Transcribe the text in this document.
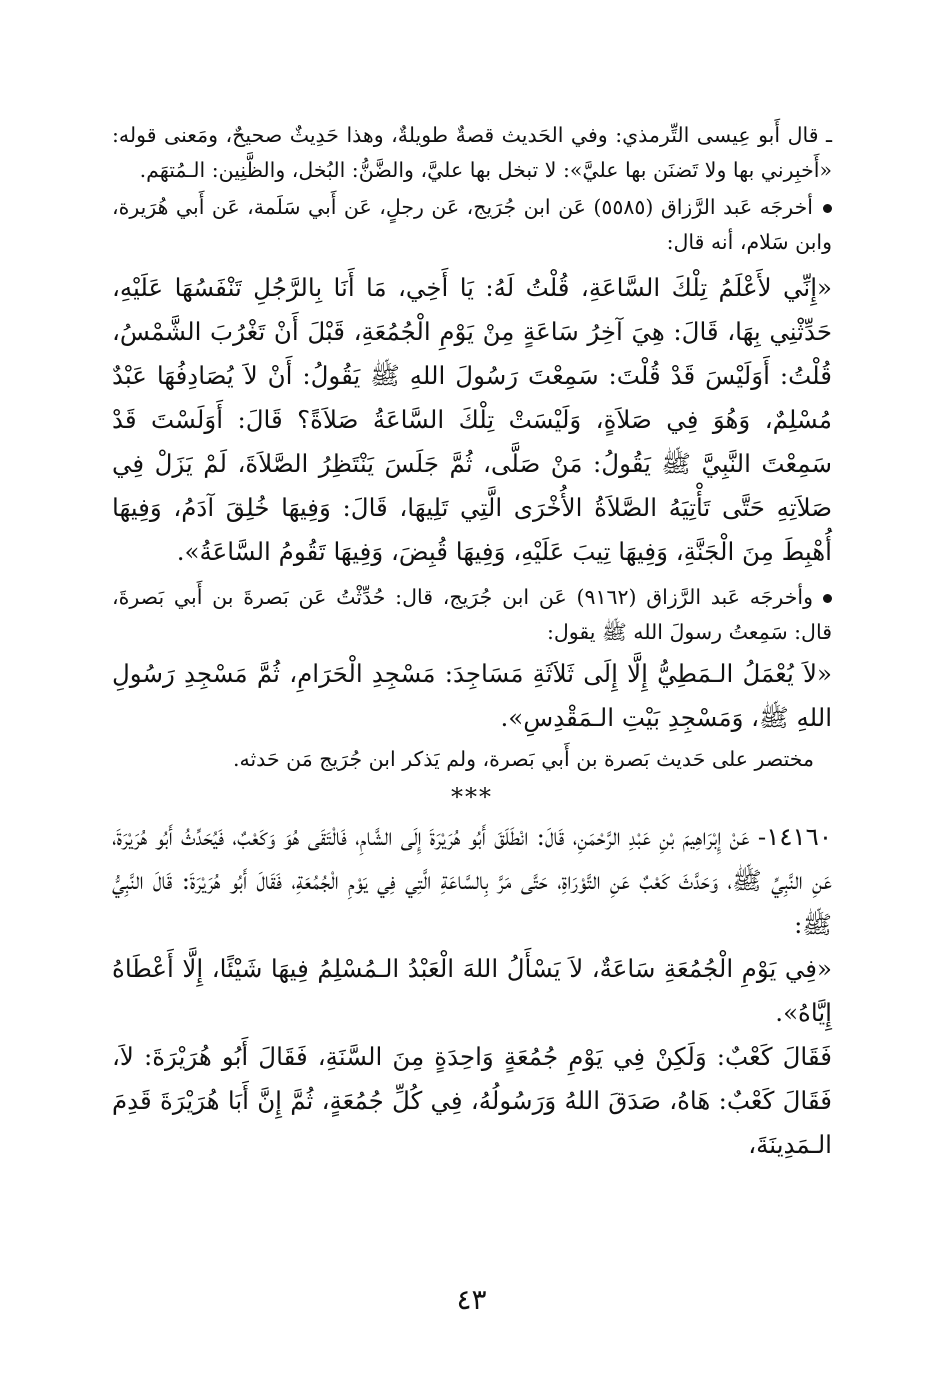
ـ قال أَبو عِيسى التِّرمذي: وفي الحَديث قصةٌ طويلةٌ، وهذا حَدِيثٌ صحيحٌ، ومَعنى قوله: «أَخبِرني بها ولا تَضنَن بها عليَّ»: لا تبخل بها عليَّ، والضَّنُّ: البُخل، والظَّنِين: الـمُتهَم.

أخرجَه عَبد الرَّزاق (٥٥٨٥) عَن ابن جُرَيج، عَن رجلٍ، عَن أَبي سَلَمة، عَن أَبي هُرَيرة، وابن سَلام، أنه قال:

«إِنِّي لأَعْلَمُ تِلْكَ السَّاعَةِ، قُلْتُ لَهُ: يَا أَخِي، مَا أَنَا بِالرَّجُلِ تَنْفَسُهَا عَلَيْهِ، حَدِّثْنِي بِهَا، قَالَ: هِيَ آخِرُ سَاعَةٍ مِنْ يَوْمِ الْجُمُعَةِ، قَبْلَ أَنْ تَغْرُبَ الشَّمْسُ، قُلْتُ: أَوَلَيْسَ قَدْ قُلْتَ: سَمِعْتَ رَسُولَ اللهِ ﷺ يَقُولُ: أَنْ لاَ يُصَادِفُهَا عَبْدٌ مُسْلِمٌ، وَهُوَ فِي صَلاَةٍ، وَلَيْسَتْ تِلْكَ السَّاعَةُ صَلاَةً؟ قَالَ: أَوَلَسْتَ قَدْ سَمِعْتَ النَّبِيَّ ﷺ يَقُولُ: مَنْ صَلَّى، ثُمَّ جَلَسَ يَنْتَظِرُ الصَّلاَةَ، لَمْ يَزَلْ فِي صَلاَتِهِ حَتَّى تَأْتِيَهُ الصَّلاَةُ الأُخْرَى الَّتِي تَلِيهَا، قَالَ: وَفِيهَا خُلِقَ آدَمُ، وَفِيهَا أُهْبِطَ مِنَ الْجَنَّةِ، وَفِيهَا تِيبَ عَلَيْهِ، وَفِيهَا قُبِضَ، وَفِيهَا تَقُومُ السَّاعَةُ».

وأخرجَه عَبد الرَّزاق (٩١٦٢) عَن ابن جُرَيج، قال: حُدِّثْتُ عَن بَصرةَ بن أَبي بَصرةَ، قال: سَمِعتُ رسولَ الله ﷺ يقول:

«لاَ يُعْمَلُ الـمَطِيُّ إِلَّا إِلَى ثَلاَثَةِ مَسَاجِدَ: مَسْجِدِ الْحَرَامِ، ثُمَّ مَسْجِدِ رَسُولِ اللهِ ﷺ، وَمَسْجِدِ بَيْتِ الـمَقْدِسِ».

مختصر على حَديث بَصرة بن أَبي بَصرة، ولم يَذكر ابن جُرَيج مَن حَدثه.

***

١٤١٦٠- عَنْ إِبْرَاهِيمَ بْنِ عَبْدِ الرَّحْمَنِ، قَالَ: انْطَلَقَ أَبُو هُرَيْرَةَ إِلَى الشَّامِ، فَالْتَقَى هُوَ وَكَعْبٌ، فَيُحَدِّثُ أَبُو هُرَيْرَةَ، عَنِ النَّبِيِّ ﷺ، وَحَدَّثَ كَعْبٌ عَنِ التَّوْرَاةِ، حَتَّى مَرَّ بِالسَّاعَةِ الَّتِي فِي يَوْمِ الْجُمُعَةِ، فَقَالَ أَبُو هُرَيْرَةَ: قَالَ النَّبِيُّ ﷺ:

«فِي يَوْمِ الْجُمُعَةِ سَاعَةٌ، لاَ يَسْأَلُ اللهَ الْعَبْدُ الـمُسْلِمُ فِيهَا شَيْئًا، إِلَّا أَعْطَاهُ إِيَّاهُ».

فَقَالَ كَعْبٌ: وَلَكِنْ فِي يَوْمِ جُمُعَةٍ وَاحِدَةٍ مِنَ السَّنَةِ، فَقَالَ أَبُو هُرَيْرَةَ: لاَ، فَقَالَ كَعْبٌ: هَاهُ، صَدَقَ اللهُ وَرَسُولُهُ، فِي كُلِّ جُمُعَةٍ، ثُمَّ إِنَّ أَبَا هُرَيْرَةَ قَدِمَ الـمَدِينَةَ،

٤٣
